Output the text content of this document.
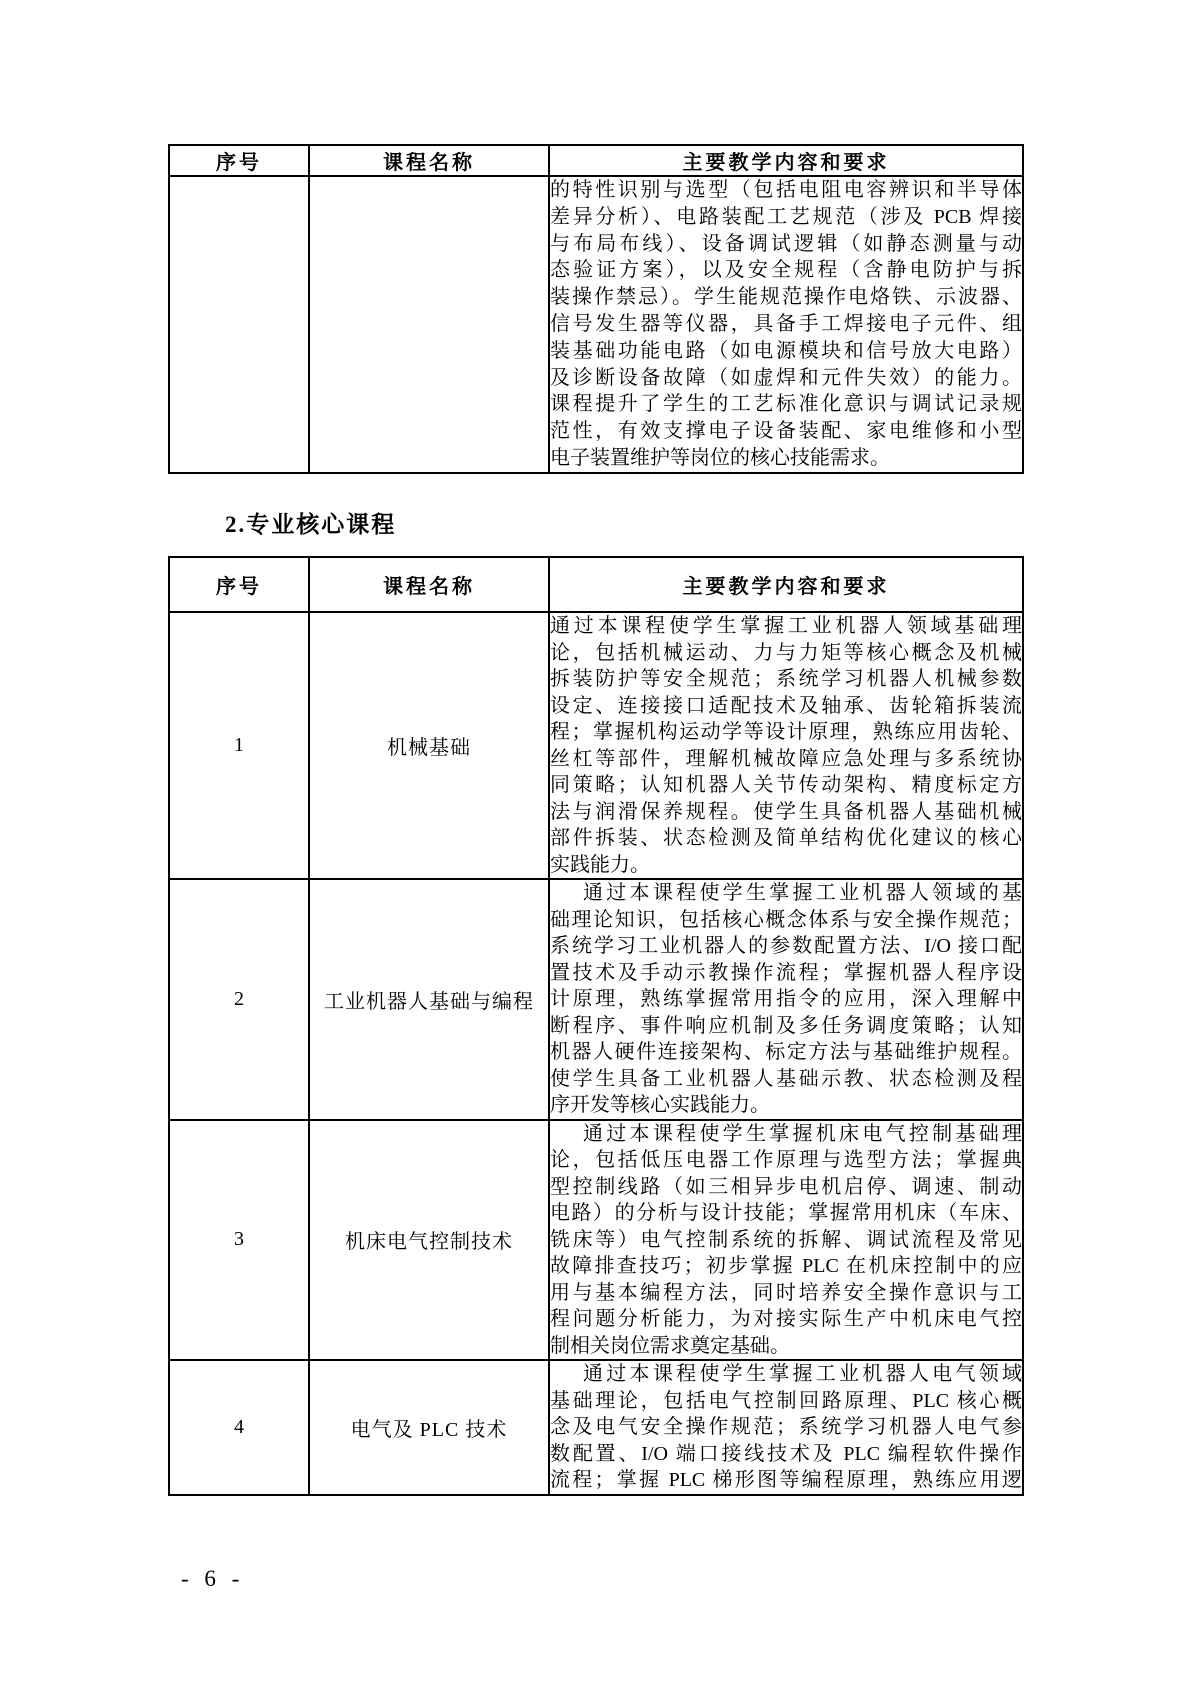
序号	课程名称	主要教学内容和要求

的特性识别与选型（包括电阻电容辨识和半导体
差异分析）、电路装配工艺规范（涉及 PCB 焊接
与布局布线）、设备调试逻辑（如静态测量与动
态验证方案），以及安全规程（含静电防护与拆
装操作禁忌）。学生能规范操作电烙铁、示波器、
信号发生器等仪器，具备手工焊接电子元件、组
装基础功能电路（如电源模块和信号放大电路）
及诊断设备故障（如虚焊和元件失效）的能力。
课程提升了学生的工艺标准化意识与调试记录规
范性，有效支撑电子设备装配、家电维修和小型
电子装置维护等岗位的核心技能需求。
2.专业核心课程
序号	课程名称	主要教学内容和要求
1	机械基础	
通过本课程使学生掌握工业机器人领域基础理
论，包括机械运动、力与力矩等核心概念及机械
拆装防护等安全规范；系统学习机器人机械参数
设定、连接接口适配技术及轴承、齿轮箱拆装流
程；掌握机构运动学等设计原理，熟练应用齿轮、
丝杠等部件，理解机械故障应急处理与多系统协
同策略；认知机器人关节传动架构、精度标定方
法与润滑保养规程。使学生具备机器人基础机械
部件拆装、状态检测及简单结构优化建议的核心
实践能力。

2	工业机器人基础与编程	
通过本课程使学生掌握工业机器人领域的基
础理论知识，包括核心概念体系与安全操作规范；
系统学习工业机器人的参数配置方法、I/O 接口配
置技术及手动示教操作流程；掌握机器人程序设
计原理，熟练掌握常用指令的应用，深入理解中
断程序、事件响应机制及多任务调度策略；认知
机器人硬件连接架构、标定方法与基础维护规程。
使学生具备工业机器人基础示教、状态检测及程
序开发等核心实践能力。

3	机床电气控制技术	
通过本课程使学生掌握机床电气控制基础理
论，包括低压电器工作原理与选型方法；掌握典
型控制线路（如三相异步电机启停、调速、制动
电路）的分析与设计技能；掌握常用机床（车床、
铣床等）电气控制系统的拆解、调试流程及常见
故障排查技巧；初步掌握 PLC 在机床控制中的应
用与基本编程方法，同时培养安全操作意识与工
程问题分析能力，为对接实际生产中机床电气控
制相关岗位需求奠定基础。

4	电气及 PLC 技术	通过本课程使学生掌握工业机器人电气领域
基础理论，包括电气控制回路原理、PLC 核心概
念及电气安全操作规范；系统学习机器人电气参
数配置、I/O 端口接线技术及 PLC 编程软件操作
流程；掌握 PLC 梯形图等编程原理，熟练应用逻
- 6 -
